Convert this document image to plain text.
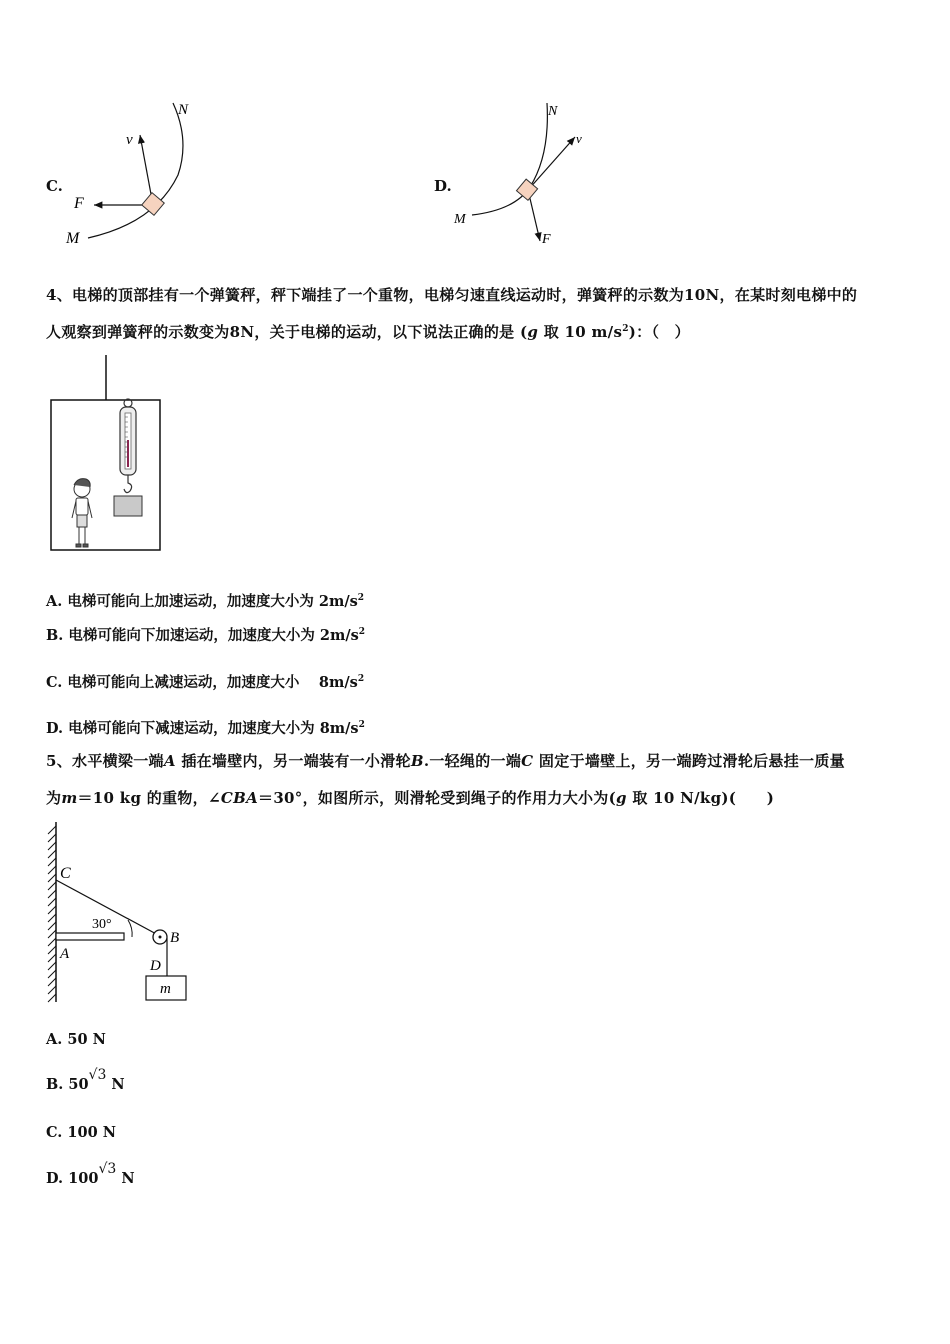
C.
v
N
F
M
D.
v
N
F
M
4、电梯的顶部挂有一个弹簧秤，秤下端挂了一个重物，电梯匀速直线运动时，弹簧秤的示数为10N，在某时刻电梯中的
人观察到弹簧秤的示数变为8N，关于电梯的运动，以下说法正确的是 (g 取 10 $m/s^2$)：（　）
A. 电梯可能向上加速运动，加速度大小为 $2m/s^2$
B. 电梯可能向下加速运动，加速度大小为 $2m/s^2$
C. 电梯可能向上减速运动，加速度大小　 $8m/s^2$
D. 电梯可能向下减速运动，加速度大小为 $8m/s^2$
5、水平横梁一端A 插在墙壁内，另一端装有一小滑轮B.一轻绳的一端C 固定于墙壁上，另一端跨过滑轮后悬挂一质量
为m＝10 kg 的重物，∠CBA＝30°，如图所示，则滑轮受到绳子的作用力大小为(g 取 10 N/kg)(　　)
C
A
B
D
m
30°
A. 50 N
B. 50√3 N
C. 100 N
D. 100√3 N
